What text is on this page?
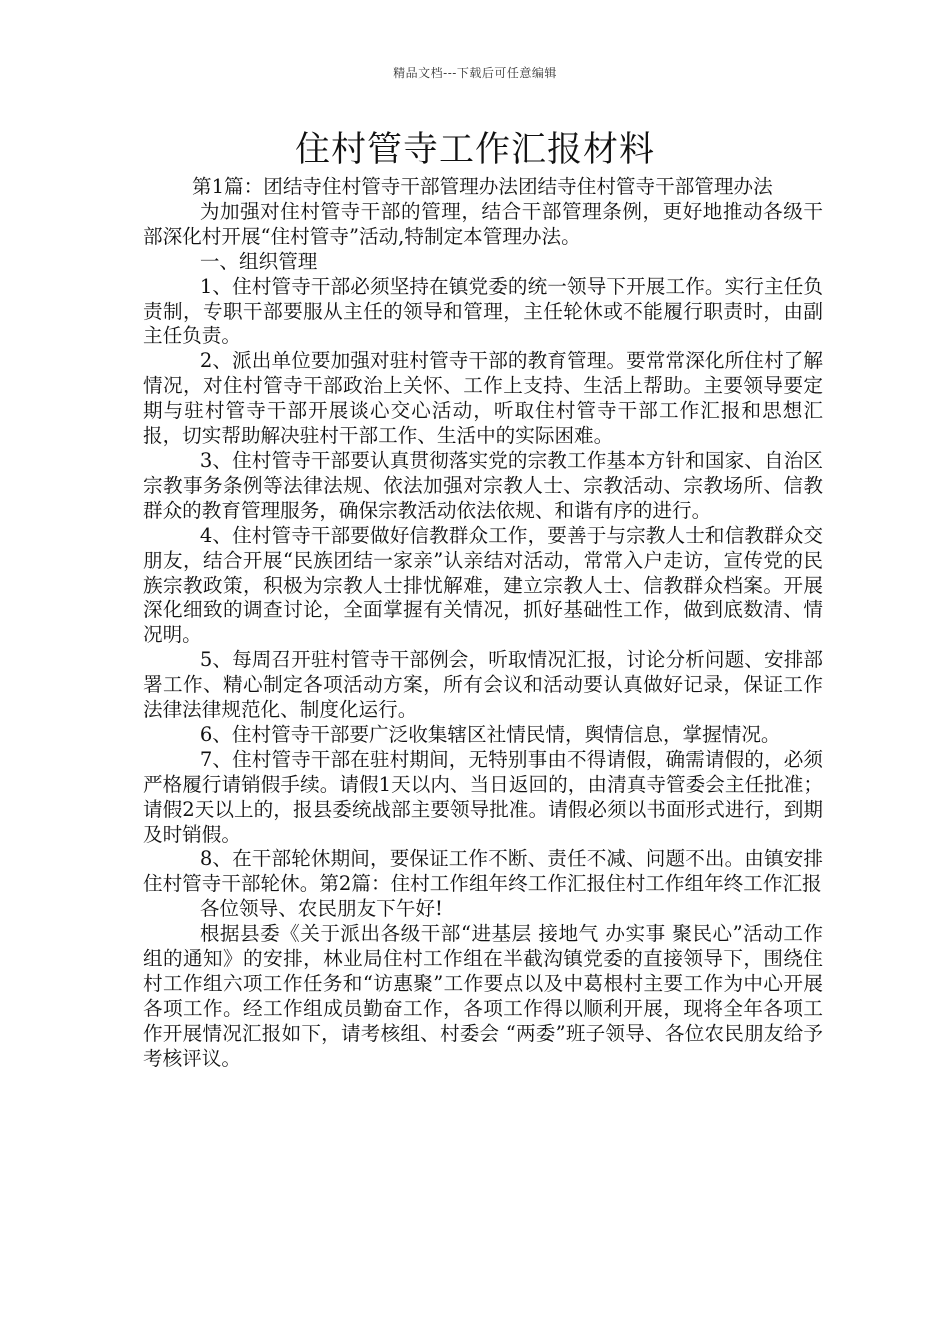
精品文档---下载后可任意编辑
住村管寺工作汇报材料

第1篇：团结寺住村管寺干部管理办法团结寺住村管寺干部管理办法

为加强对住村管寺干部的管理，结合干部管理条例，更好地推动各级干部深化村开展“住村管寺”活动,特制定本管理办法。

一、组织管理

1、住村管寺干部必须坚持在镇党委的统一领导下开展工作。实行主任负责制，专职干部要服从主任的领导和管理，主任轮休或不能履行职责时，由副主任负责。

2、派出单位要加强对驻村管寺干部的教育管理。要常常深化所住村了解情况，对住村管寺干部政治上关怀、工作上支持、生活上帮助。主要领导要定期与驻村管寺干部开展谈心交心活动，听取住村管寺干部工作汇报和思想汇报，切实帮助解决驻村干部工作、生活中的实际困难。

3、住村管寺干部要认真贯彻落实党的宗教工作基本方针和国家、自治区宗教事务条例等法律法规、依法加强对宗教人士、宗教活动、宗教场所、信教群众的教育管理服务，确保宗教活动依法依规、和谐有序的进行。

4、住村管寺干部要做好信教群众工作，要善于与宗教人士和信教群众交朋友，结合开展“民族团结一家亲”认亲结对活动，常常入户走访，宣传党的民族宗教政策，积极为宗教人士排忧解难，建立宗教人士、信教群众档案。开展深化细致的调查讨论，全面掌握有关情况，抓好基础性工作，做到底数清、情况明。

5、每周召开驻村管寺干部例会，听取情况汇报，讨论分析问题、安排部署工作、精心制定各项活动方案，所有会议和活动要认真做好记录，保证工作法律法律规范化、制度化运行。

6、住村管寺干部要广泛收集辖区社情民情，舆情信息，掌握情况。

7、住村管寺干部在驻村期间，无特别事由不得请假，确需请假的，必须严格履行请销假手续。请假1天以内、当日返回的，由清真寺管委会主任批准；请假2天以上的，报县委统战部主要领导批准。请假必须以书面形式进行，到期及时销假。

8、在干部轮休期间，要保证工作不断、责任不减、问题不出。由镇安排住村管寺干部轮休。第2篇：住村工作组年终工作汇报住村工作组年终工作汇报

各位领导、农民朋友下午好!

根据县委《关于派出各级干部“进基层 接地气 办实事 聚民心”活动工作组的通知》的安排，林业局住村工作组在半截沟镇党委的直接领导下，围绕住村工作组六项工作任务和“访惠聚”工作要点以及中葛根村主要工作为中心开展各项工作。经工作组成员勤奋工作，各项工作得以顺利开展，现将全年各项工作开展情况汇报如下，请考核组、村委会 “两委”班子领导、各位农民朋友给予考核评议。
